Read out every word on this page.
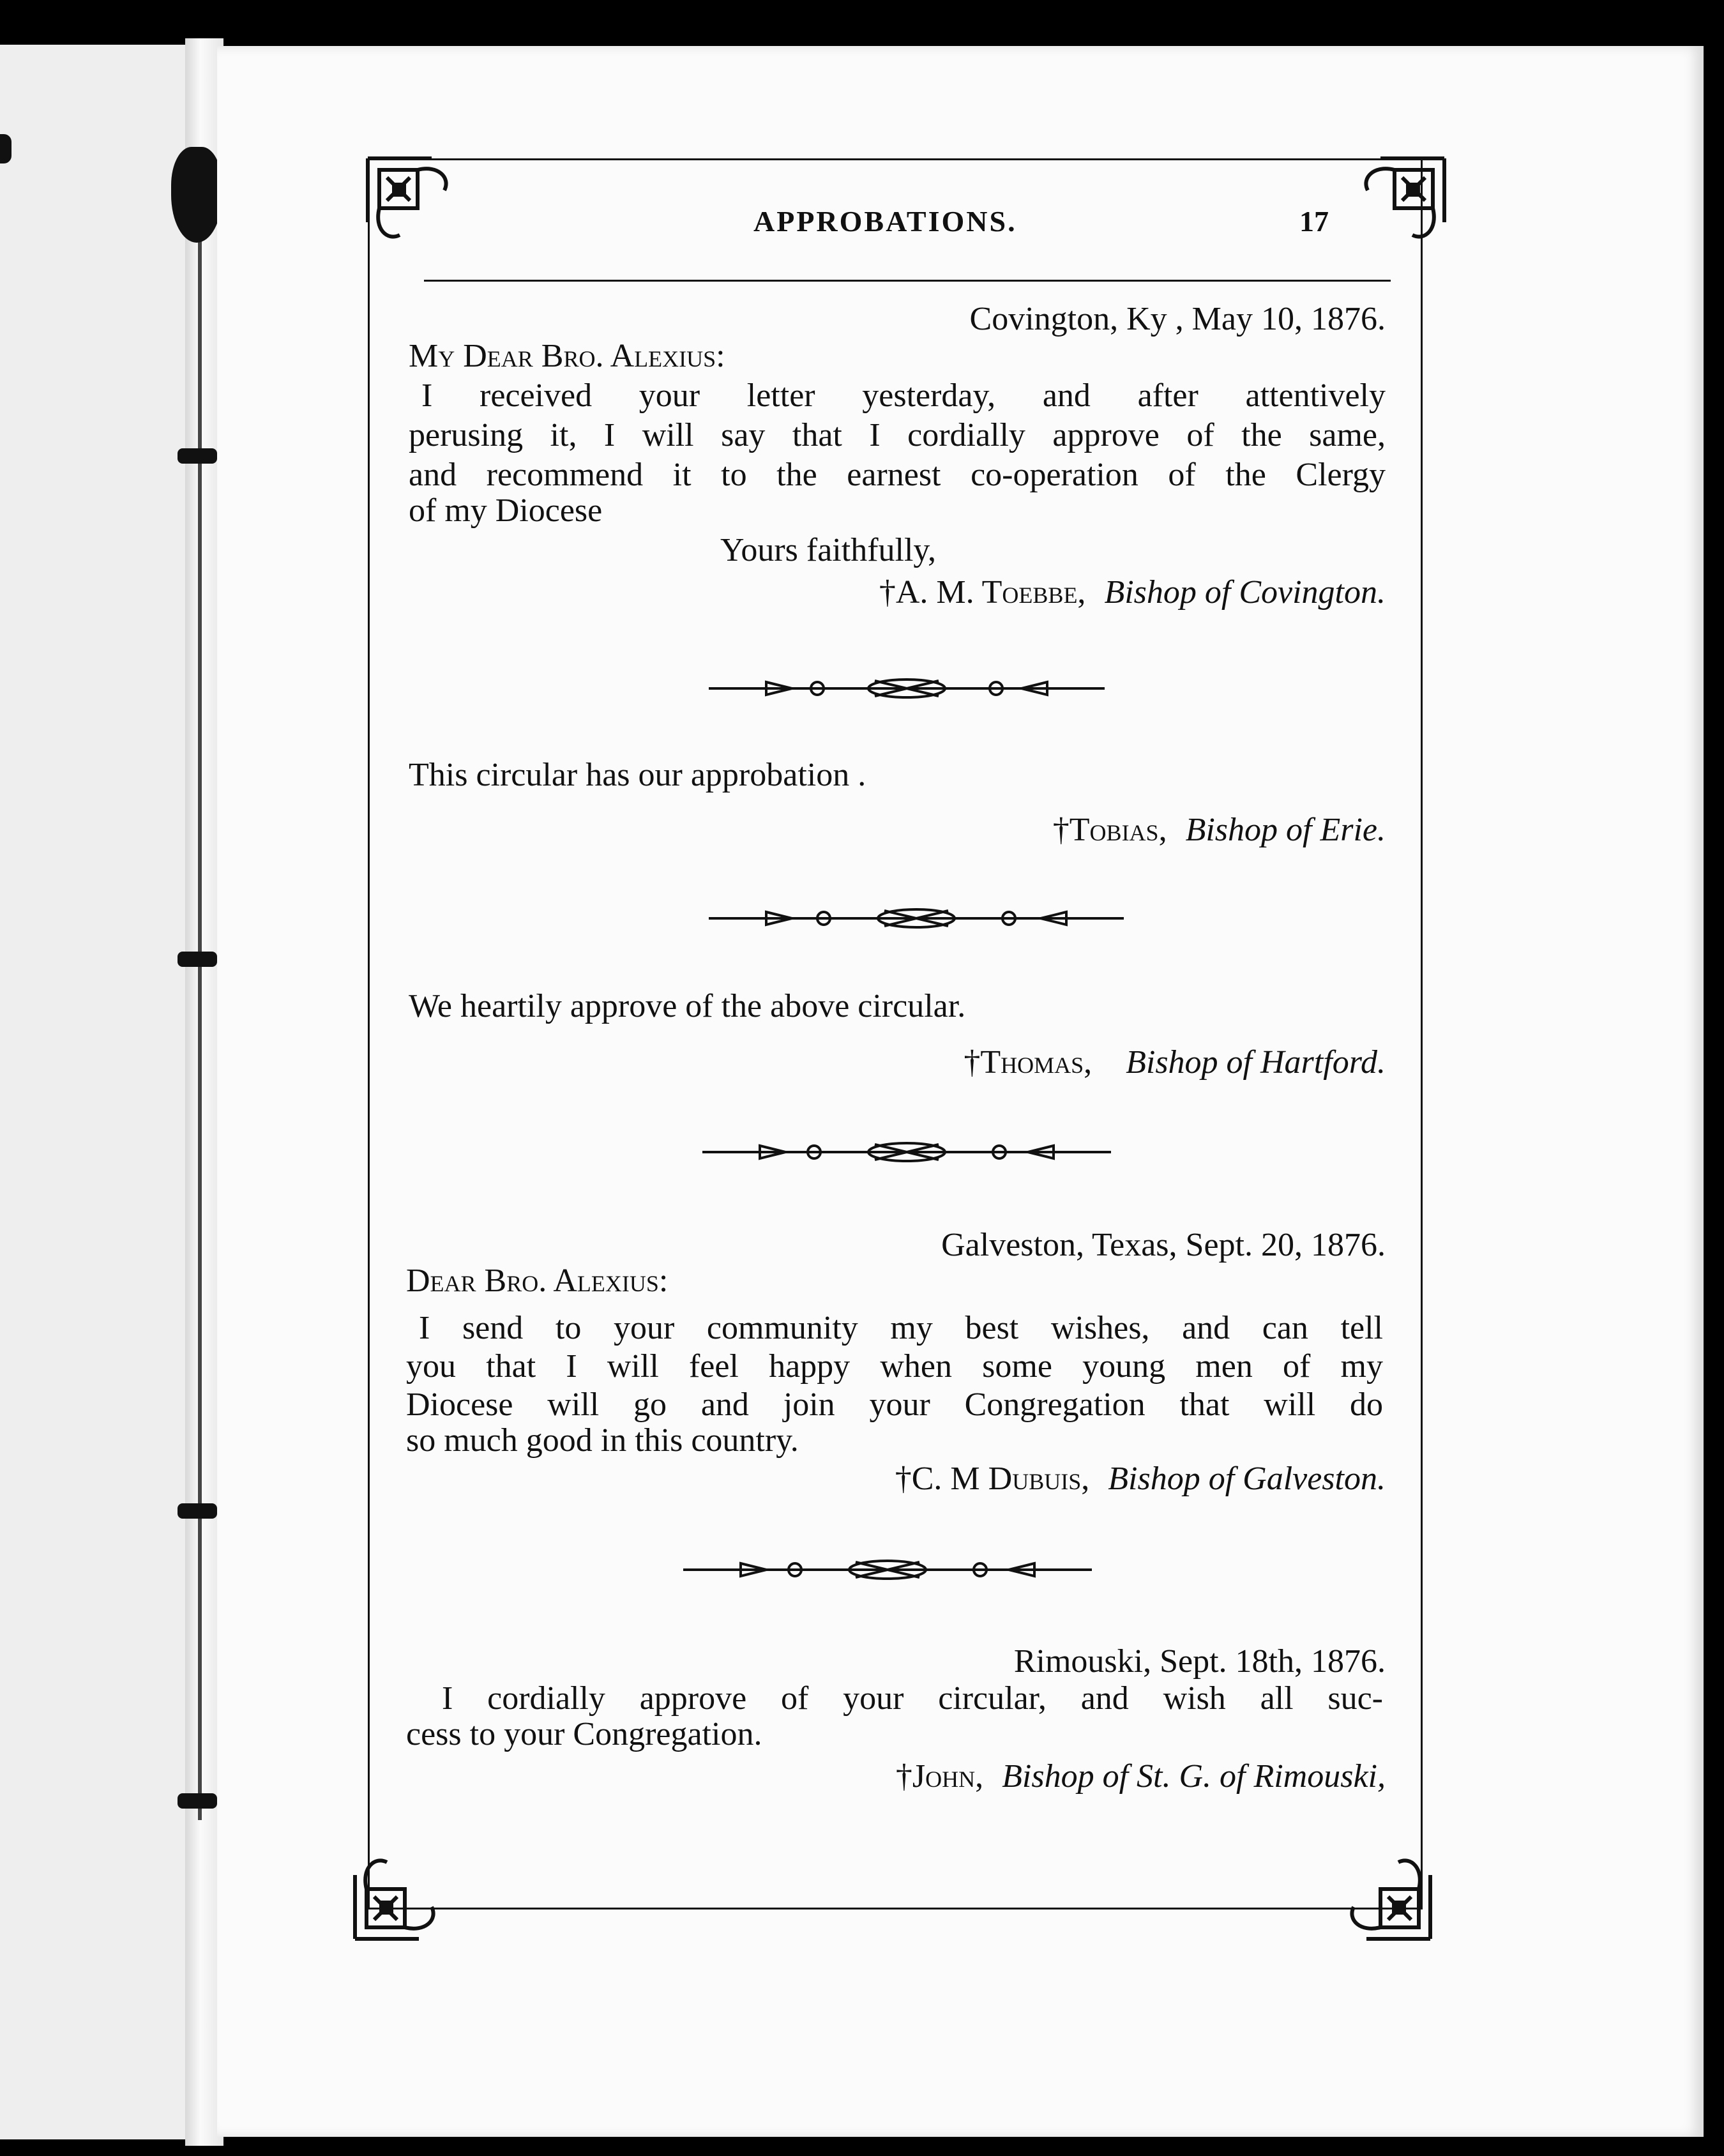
APPROBATIONS.	17
Covington, Ky , May 10, 1876.
My Dear Bro. Alexius:
I received your letter yesterday, and after attentively
perusing it, I will say that I cordially approve of the same,
and recommend it to the earnest co-operation of the Clergy
of my Diocese
Yours faithfully,
†A. M. Toebbe, Bishop of Covington.
This circular has our approbation .
†Tobias, Bishop of Erie.
We heartily approve of the above circular.
†Thomas, Bishop of Hartford.
Galveston, Texas, Sept. 20, 1876.
Dear Bro. Alexius:
I send to your community my best wishes, and can tell
you that I will feel happy when some young men of my
Diocese will go and join your Congregation that will do
so much good in this country.
†C. M Dubuis, Bishop of Galveston.
Rimouski, Sept. 18th, 1876.
I cordially approve of your circular, and wish all suc-
cess to your Congregation.
†John, Bishop of St. G. of Rimouski,
